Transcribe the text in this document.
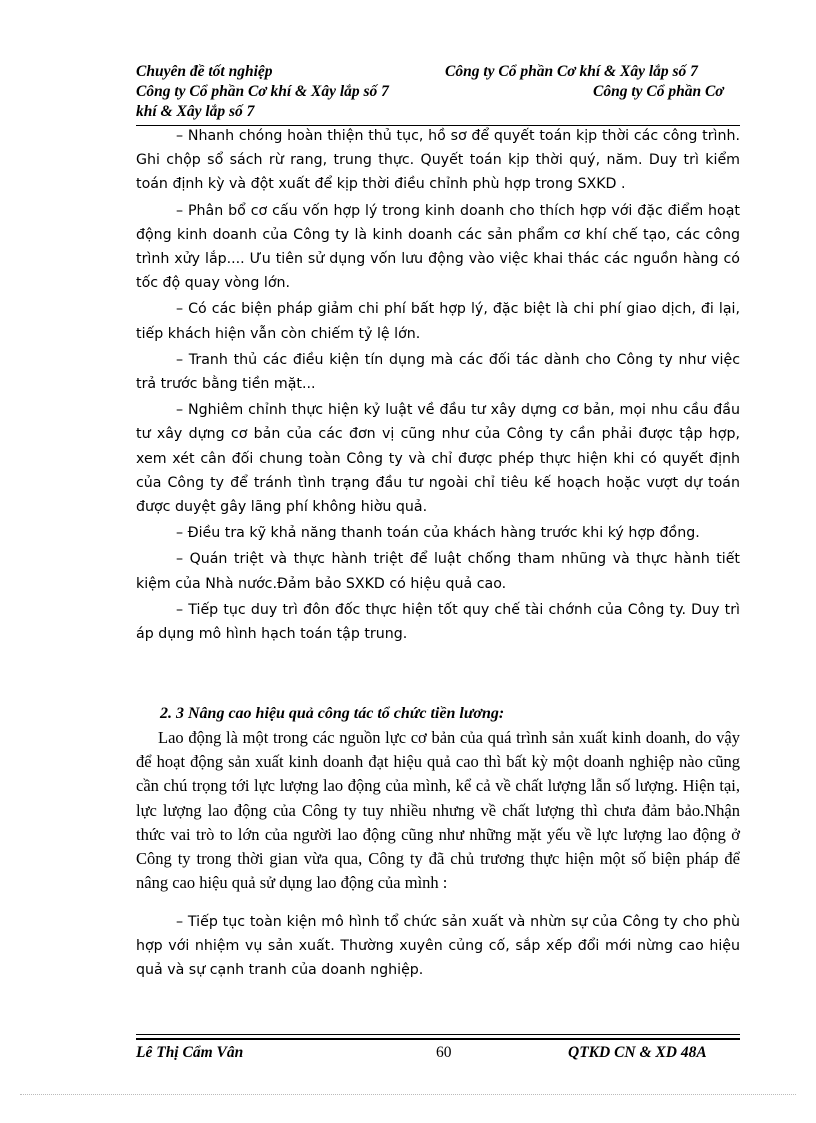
Chuyên đề tốt nghiệp	Công ty Cổ phần Cơ khí & Xây lắp số 7
Công ty Cổ phần Cơ khí & Xây lắp số 7	Công ty Cổ phần Cơ
khí & Xây lắp số 7

– Nhanh chóng hoàn thiện thủ tục, hồ sơ để quyết toán kịp thời các công trình. Ghi chộp sổ sách rừ rang, trung thực. Quyết toán kịp thời quý, năm. Duy trì kiểm toán định kỳ và đột xuất để kịp thời điều chỉnh phù hợp trong SXKD .

– Phân bổ cơ cấu vốn hợp lý trong kinh doanh cho thích hợp với đặc điểm hoạt động kinh doanh của Công ty là kinh doanh các sản phẩm cơ khí chế tạo, các công trình xửy lắp.... Ưu tiên sử dụng vốn lưu động vào việc khai thác các nguồn hàng có tốc độ quay vòng lớn.

– Có các biện pháp giảm chi phí bất hợp lý, đặc biệt là chi phí giao dịch, đi lại, tiếp khách hiện vẫn còn chiếm tỷ lệ lớn.

– Tranh thủ các điều kiện tín dụng mà các đối tác dành cho Công ty như việc trả trước bằng tiền mặt...

– Nghiêm chỉnh thực hiện kỷ luật về đầu tư xây dựng cơ bản, mọi nhu cầu đầu tư xây dựng cơ bản của các đơn vị cũng như của Công ty cần phải được tập hợp, xem xét cân đối chung toàn Công ty và chỉ được phép thực hiện khi có quyết định của Công ty để tránh tình trạng đầu tư ngoài chỉ tiêu kế hoạch hoặc vượt dự toán được duyệt gây lãng phí không hiờu quả.

– Điều tra kỹ khả năng thanh toán của khách hàng trước khi ký hợp đồng.

– Quán triệt và thực hành triệt để luật chống tham nhũng và thực hành tiết kiệm của Nhà nước.Đảm bảo SXKD có hiệu quả cao.

– Tiếp tục duy trì đôn đốc thực hiện tốt quy chế tài chớnh của Công ty. Duy trì áp dụng mô hình hạch toán tập trung.

2. 3 Nâng cao hiệu quả công tác tổ chức tiền lương:

Lao động là một trong các nguồn lực cơ bản của quá trình sản xuất kinh doanh, do vậy để hoạt động sản xuất kinh doanh đạt hiệu quả cao thì bất kỳ một doanh nghiệp nào cũng cần chú trọng tới lực lượng lao động của mình, kể cả về chất lượng lẫn số lượng. Hiện tại, lực lượng lao động của Công ty tuy nhiều nhưng về chất lượng thì chưa đảm bảo.Nhận thức vai trò to lớn của người lao động cũng như những mặt yếu về lực lượng lao động ở Công ty trong thời gian vừa qua, Công ty đã chủ trương thực hiện một số biện pháp để nâng cao hiệu quả sử dụng lao động của mình :

– Tiếp tục toàn kiện mô hình tổ chức sản xuất và nhừn sự của Công ty cho phù hợp với nhiệm vụ sản xuất. Thường xuyên củng cố, sắp xếp đổi mới nừng cao hiệu quả và sự cạnh tranh của doanh nghiệp.

Lê Thị Cẩm Vân	60	QTKD CN & XD 48A
